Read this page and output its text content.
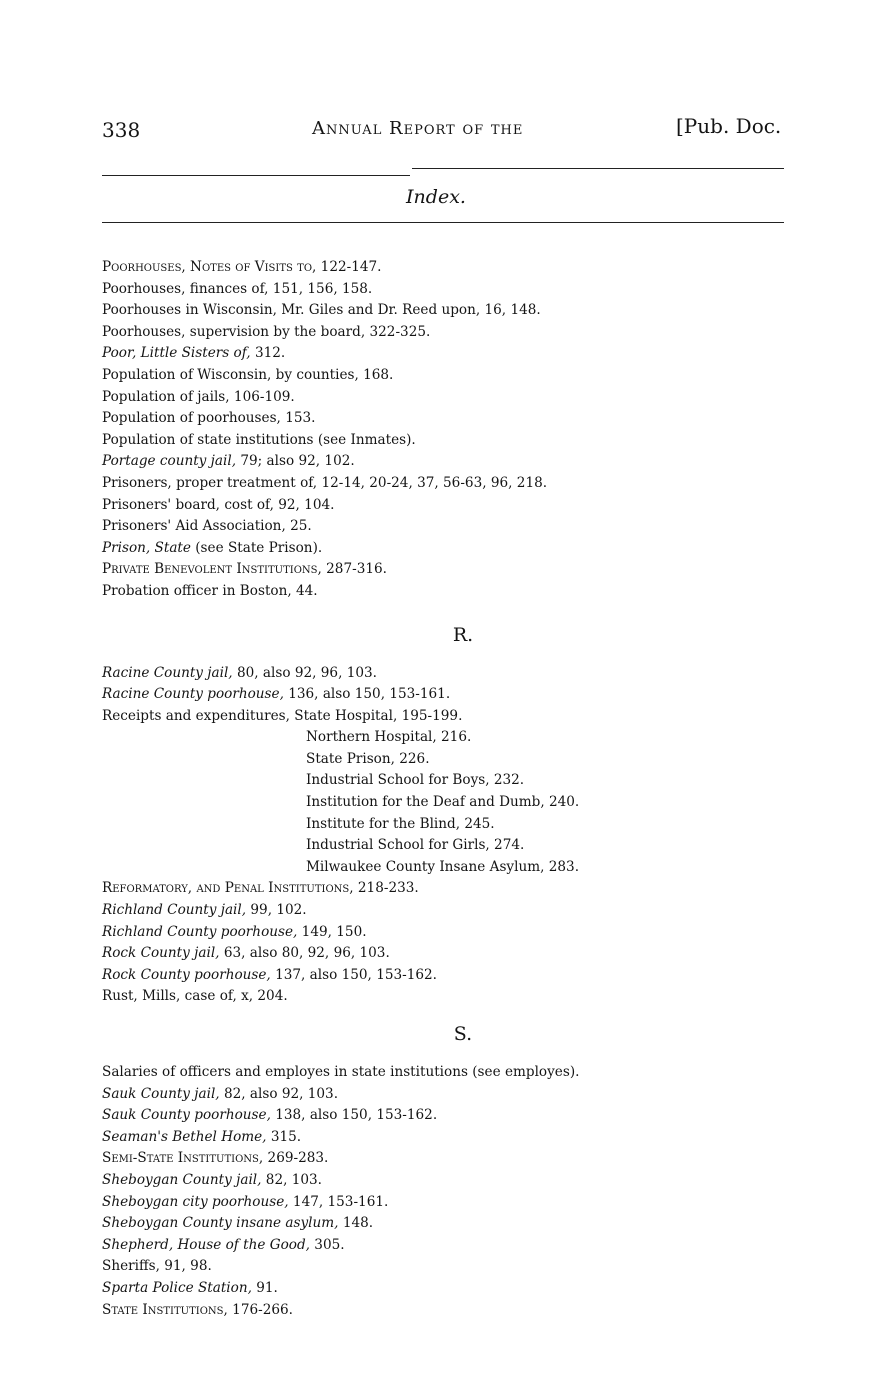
338	Annual Report of the	[Pub. Doc.
Index.
Poorhouses, Notes of Visits to, 122-147.
Poorhouses, finances of, 151, 156, 158.
Poorhouses in Wisconsin, Mr. Giles and Dr. Reed upon, 16, 148.
Poorhouses, supervision by the board, 322-325.
Poor, Little Sisters of, 312.
Population of Wisconsin, by counties, 168.
Population of jails, 106-109.
Population of poorhouses, 153.
Population of state institutions (see Inmates).
Portage county jail, 79; also 92, 102.
Prisoners, proper treatment of, 12-14, 20-24, 37, 56-63, 96, 218.
Prisoners' board, cost of, 92, 104.
Prisoners' Aid Association, 25.
Prison, State (see State Prison).
Private Benevolent Institutions, 287-316.
Probation officer in Boston, 44.
R.
Racine County jail, 80, also 92, 96, 103.
Racine County poorhouse, 136, also 150, 153-161.
Receipts and expenditures, State Hospital, 195-199.
Northern Hospital, 216.
State Prison, 226.
Industrial School for Boys, 232.
Institution for the Deaf and Dumb, 240.
Institute for the Blind, 245.
Industrial School for Girls, 274.
Milwaukee County Insane Asylum, 283.
Reformatory, and Penal Institutions, 218-233.
Richland County jail, 99, 102.
Richland County poorhouse, 149, 150.
Rock County jail, 63, also 80, 92, 96, 103.
Rock County poorhouse, 137, also 150, 153-162.
Rust, Mills, case of, x, 204.
S.
Salaries of officers and employes in state institutions (see employes).
Sauk County jail, 82, also 92, 103.
Sauk County poorhouse, 138, also 150, 153-162.
Seaman's Bethel Home, 315.
Semi-State Institutions, 269-283.
Sheboygan County jail, 82, 103.
Sheboygan city poorhouse, 147, 153-161.
Sheboygan County insane asylum, 148.
Shepherd, House of the Good, 305.
Sheriffs, 91, 98.
Sparta Police Station, 91.
State Institutions, 176-266.
